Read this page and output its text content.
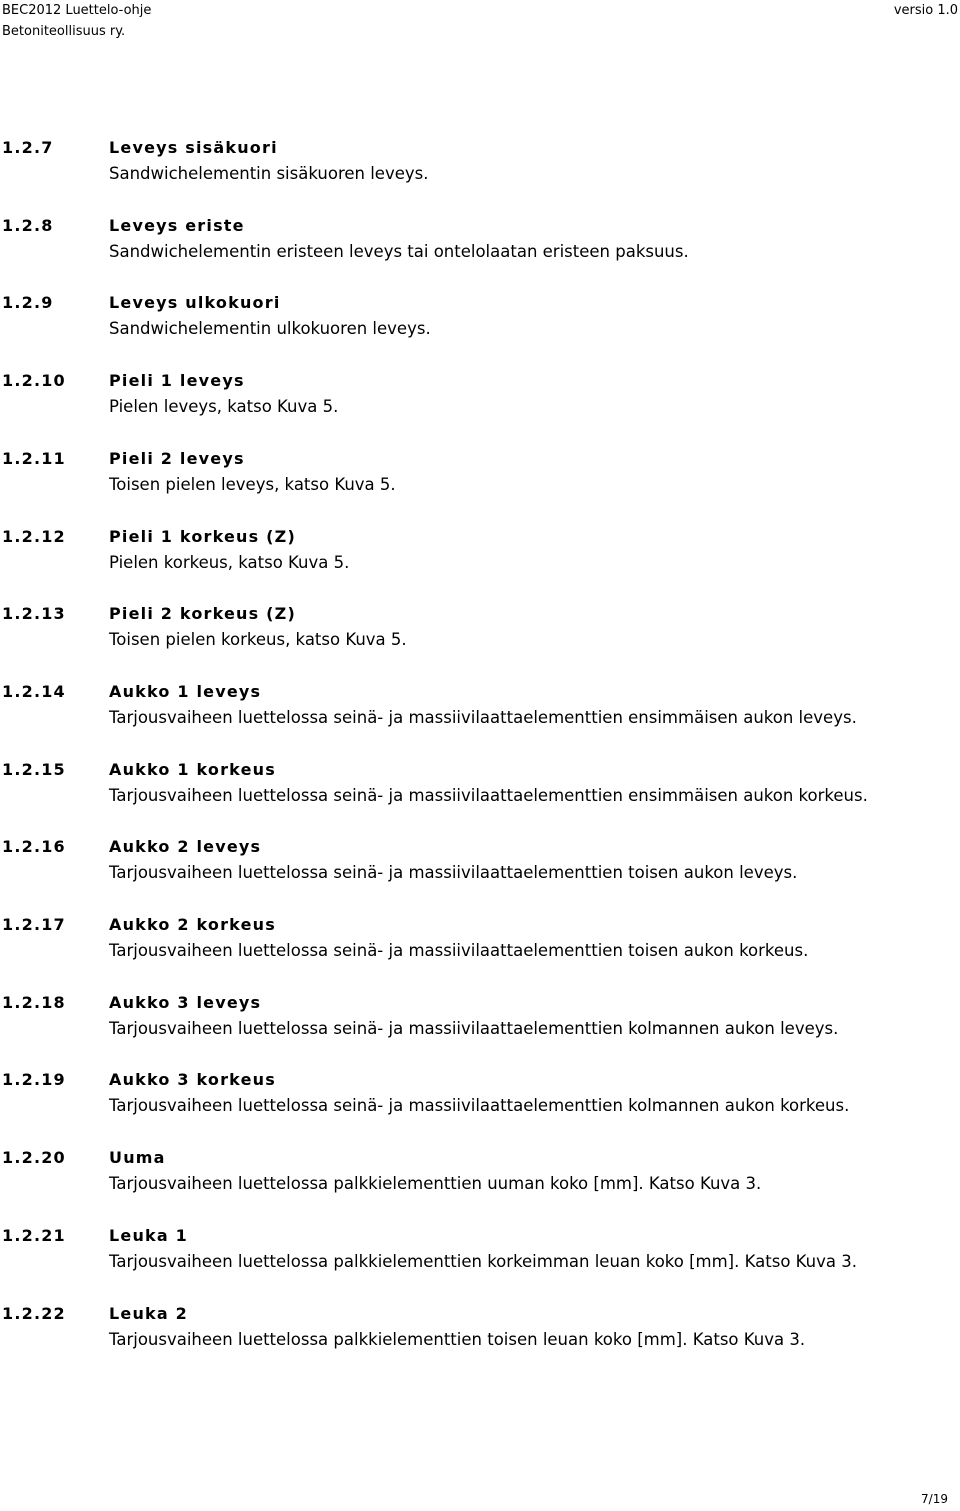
BEC2012 Luettelo-ohje
Betoniteollisuus ry.
versio 1.0
1.2.7	Leveys sisäkuori
Sandwichelementin sisäkuoren leveys.
1.2.8	Leveys eriste
Sandwichelementin eristeen leveys tai ontelolaatan eristeen paksuus.
1.2.9	Leveys ulkokuori
Sandwichelementin ulkokuoren leveys.
1.2.10	Pieli 1 leveys
Pielen leveys, katso Kuva 5.
1.2.11	Pieli 2 leveys
Toisen pielen leveys, katso Kuva 5.
1.2.12	Pieli 1 korkeus (Z)
Pielen korkeus, katso Kuva 5.
1.2.13	Pieli 2 korkeus (Z)
Toisen pielen korkeus, katso Kuva 5.
1.2.14	Aukko 1 leveys
Tarjousvaiheen luettelossa seinä- ja massiivilaattaelementtien ensimmäisen aukon leveys.
1.2.15	Aukko 1 korkeus
Tarjousvaiheen luettelossa seinä- ja massiivilaattaelementtien ensimmäisen aukon korkeus.
1.2.16	Aukko 2 leveys
Tarjousvaiheen luettelossa seinä- ja massiivilaattaelementtien toisen aukon leveys.
1.2.17	Aukko 2 korkeus
Tarjousvaiheen luettelossa seinä- ja massiivilaattaelementtien toisen aukon korkeus.
1.2.18	Aukko 3 leveys
Tarjousvaiheen luettelossa seinä- ja massiivilaattaelementtien kolmannen aukon leveys.
1.2.19	Aukko 3 korkeus
Tarjousvaiheen luettelossa seinä- ja massiivilaattaelementtien kolmannen aukon korkeus.
1.2.20	Uuma
Tarjousvaiheen luettelossa palkkielementtien uuman koko [mm]. Katso Kuva 3.
1.2.21	Leuka 1
Tarjousvaiheen luettelossa palkkielementtien korkeimman leuan koko [mm]. Katso Kuva 3.
1.2.22	Leuka 2
Tarjousvaiheen luettelossa palkkielementtien toisen leuan koko [mm]. Katso Kuva 3.
7/19
